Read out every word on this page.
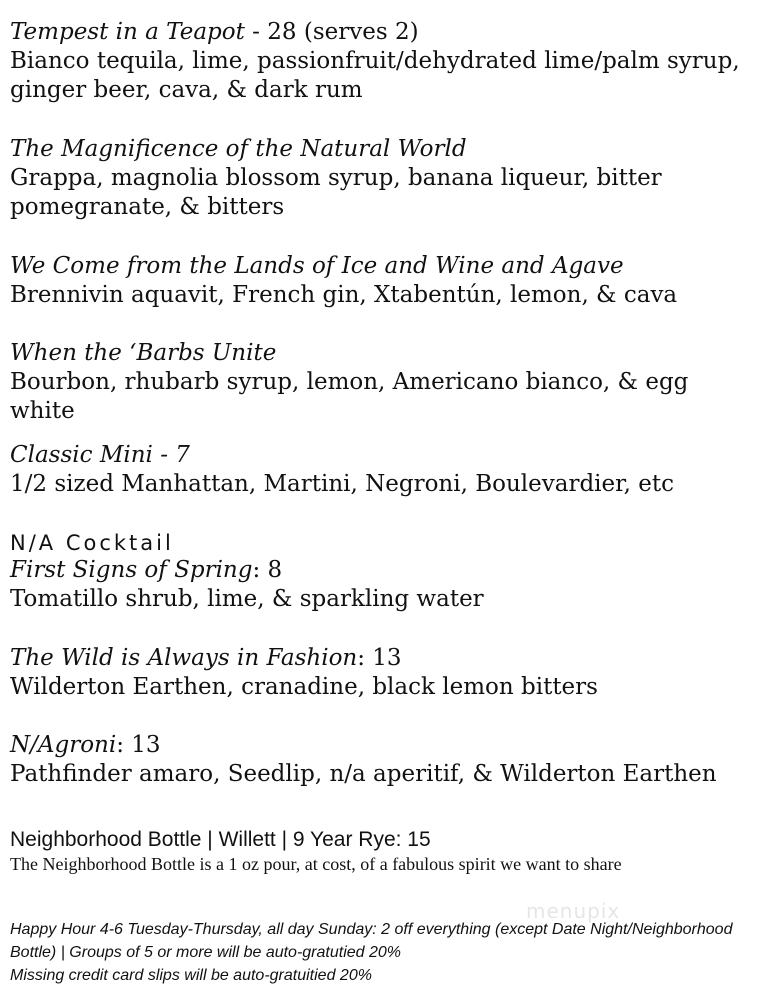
Tempest in a Teapot - 28 (serves 2)
Bianco tequila, lime, passionfruit/dehydrated lime/palm syrup, ginger beer, cava, & dark rum
The Magnificence of the Natural World
Grappa, magnolia blossom syrup, banana liqueur, bitter pomegranate, & bitters
We Come from the Lands of Ice and Wine and Agave
Brennivin aquavit, French gin, Xtabentún, lemon, & cava
When the ‘Barbs Unite
Bourbon, rhubarb syrup, lemon, Americano bianco, & egg white
Classic Mini - 7
1/2 sized Manhattan, Martini, Negroni, Boulevardier, etc
N/A Cocktail
First Signs of Spring: 8
Tomatillo shrub, lime, & sparkling water
The Wild is Always in Fashion: 13
Wilderton Earthen, cranadine, black lemon bitters
N/Agroni: 13
Pathfinder amaro, Seedlip, n/a aperitif, & Wilderton Earthen
Neighborhood Bottle | Willett | 9 Year Rye: 15
The Neighborhood Bottle is a 1 oz pour, at cost, of a fabulous spirit we want to share
menupix
Happy Hour 4-6 Tuesday-Thursday, all day Sunday: 2 off everything (except Date Night/Neighborhood Bottle) | Groups of 5 or more will be auto-gratutied 20%
Missing credit card slips will be auto-gratuitied 20%
